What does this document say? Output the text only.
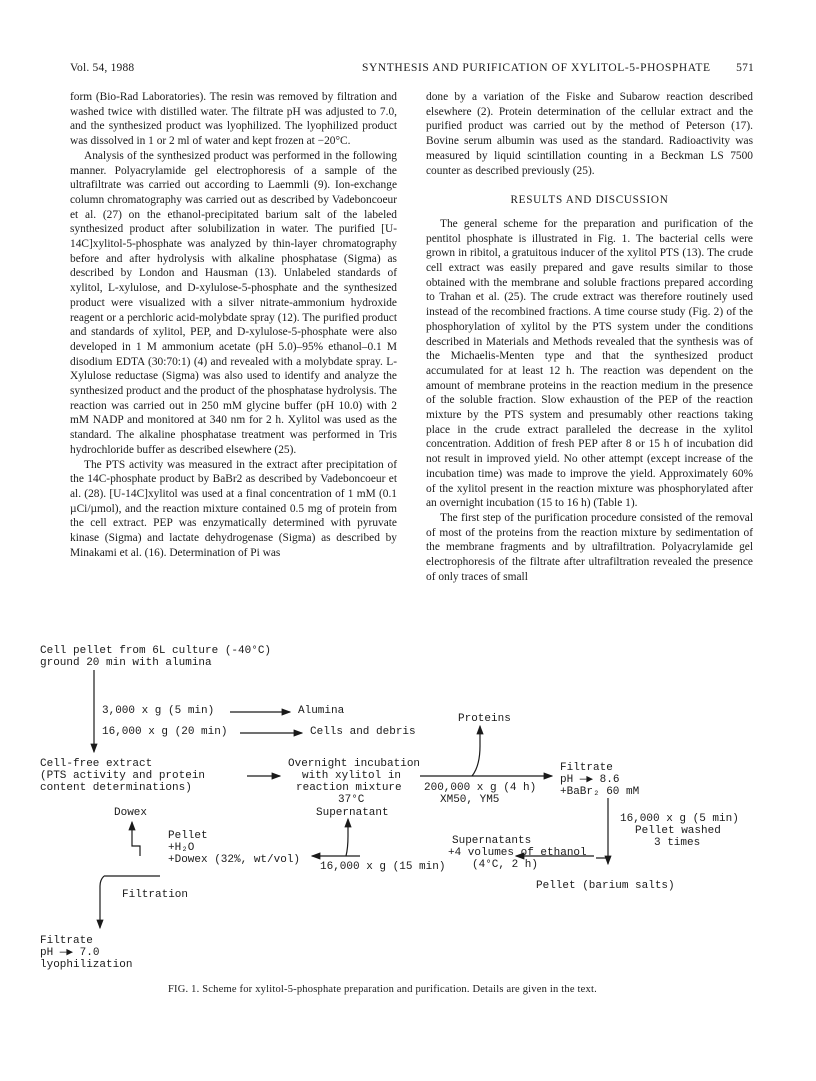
Vol. 54, 1988	SYNTHESIS AND PURIFICATION OF XYLITOL-5-PHOSPHATE 571

form (Bio-Rad Laboratories). The resin was removed by filtration and washed twice with distilled water. The filtrate pH was adjusted to 7.0, and the synthesized product was lyophilized. The lyophilized product was dissolved in 1 or 2 ml of water and kept frozen at −20°C.

Analysis of the synthesized product was performed in the following manner. Polyacrylamide gel electrophoresis of a sample of the ultrafiltrate was carried out according to Laemmli (9). Ion-exchange column chromatography was carried out as described by Vadeboncoeur et al. (27) on the ethanol-precipitated barium salt of the labeled synthesized product after solubilization in water. The purified [U-14C]xylitol-5-phosphate was analyzed by thin-layer chromatography before and after hydrolysis with alkaline phosphatase (Sigma) as described by London and Hausman (13). Unlabeled standards of xylitol, L-xylulose, and D-xylulose-5-phosphate and the synthesized product were visualized with a silver nitrate-ammonium hydroxide reagent or a perchloric acid-molybdate spray (12). The purified product and standards of xylitol, PEP, and D-xylulose-5-phosphate were also developed in 1 M ammonium acetate (pH 5.0)–95% ethanol–0.1 M disodium EDTA (30:70:1) (4) and revealed with a molybdate spray. L-Xylulose reductase (Sigma) was also used to identify and analyze the synthesized product and the product of the phosphatase hydrolysis. The reaction was carried out in 250 mM glycine buffer (pH 10.0) with 2 mM NADP and monitored at 340 nm for 2 h. Xylitol was used as the standard. The alkaline phosphatase treatment was performed in Tris hydrochloride buffer as described elsewhere (25).

The PTS activity was measured in the extract after precipitation of the 14C-phosphate product by BaBr2 as described by Vadeboncoeur et al. (28). [U-14C]xylitol was used at a final concentration of 1 mM (0.1 µCi/µmol), and the reaction mixture contained 0.5 mg of protein from the cell extract. PEP was enzymatically determined with pyruvate kinase (Sigma) and lactate dehydrogenase (Sigma) as described by Minakami et al. (16). Determination of Pi was

done by a variation of the Fiske and Subarow reaction described elsewhere (2). Protein determination of the cellular extract and the purified product was carried out by the method of Peterson (17). Bovine serum albumin was used as the standard. Radioactivity was measured by liquid scintillation counting in a Beckman LS 7500 counter as described previously (25).

RESULTS AND DISCUSSION

The general scheme for the preparation and purification of the pentitol phosphate is illustrated in Fig. 1. The bacterial cells were grown in ribitol, a gratuitous inducer of the xylitol PTS (13). The crude cell extract was easily prepared and gave results similar to those obtained with the membrane and soluble fractions prepared according to Trahan et al. (25). The crude extract was therefore routinely used instead of the recombined fractions. A time course study (Fig. 2) of the phosphorylation of xylitol by the PTS system under the conditions described in Materials and Methods revealed that the synthesis was of the Michaelis-Menten type and that the synthesized product accumulated for at least 12 h. The reaction was dependent on the amount of membrane proteins in the reaction medium in the presence of the soluble fraction. Slow exhaustion of the PEP of the reaction mixture by the PTS system and presumably other reactions taking place in the crude extract paralleled the decrease in the xylitol concentration. Addition of fresh PEP after 8 or 15 h of incubation did not result in improved yield. No other attempt (except increase of the incubation time) was made to improve the yield. Approximately 60% of the xylitol present in the reaction mixture was phosphorylated after an overnight incubation (15 to 16 h) (Table 1).

The first step of the purification procedure consisted of the removal of most of the proteins from the reaction mixture by sedimentation of the membrane fragments and by ultrafiltration. Polyacrylamide gel electrophoresis of the filtrate after ultrafiltration revealed the presence of only traces of small

Cell pellet from 6L culture (-40°C)
ground 20 min with alumina
3,000 x g (5 min)	Alumina
16,000 x g (20 min)	Cells and debris
Cell-free extract
(PTS activity and protein
content determinations)
Overnight incubation
with xylitol in
reaction mixture
37°C
Proteins
200,000 x g (4 h)
XM50, YM5
Filtrate
pH —▶ 8.6
+BaBr₂ 60 mM
16,000 x g (5 min)
Pellet washed
3 times
Supernatants
+4 volumes of ethanol
(4°C, 2 h)
Pellet (barium salts)
Supernatant
16,000 x g (15 min)
Pellet
+H₂O
+Dowex (32%, wt/vol)
Dowex
Filtration
Filtrate
pH —▶ 7.0
lyophilization
FIG. 1. Scheme for xylitol-5-phosphate preparation and purification. Details are given in the text.
